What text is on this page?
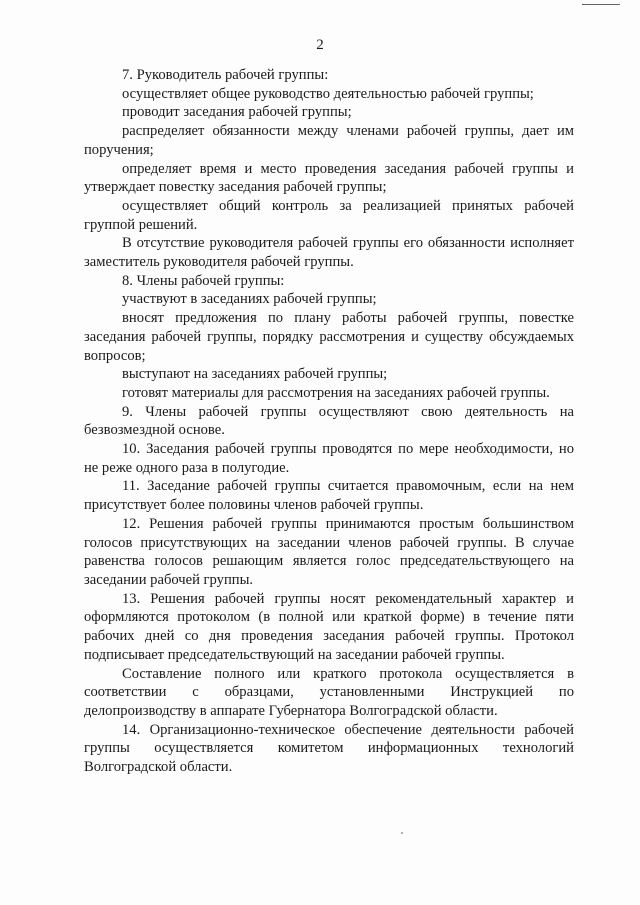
2

7. Руководитель рабочей группы:

осуществляет общее руководство деятельностью рабочей группы;

проводит заседания рабочей группы;

распределяет обязанности между членами рабочей группы, дает им поручения;

определяет время и место проведения заседания рабочей группы и утверждает повестку заседания рабочей группы;

осуществляет общий контроль за реализацией принятых рабочей группой решений.

В отсутствие руководителя рабочей группы его обязанности исполняет заместитель руководителя рабочей группы.

8. Члены рабочей группы:

участвуют в заседаниях рабочей группы;

вносят предложения по плану работы рабочей группы, повестке заседания рабочей группы, порядку рассмотрения и существу обсуждаемых вопросов;

выступают на заседаниях рабочей группы;

готовят материалы для рассмотрения на заседаниях рабочей группы.

9. Члены рабочей группы осуществляют свою деятельность на безвозмездной основе.

10. Заседания рабочей группы проводятся по мере необходимости, но не реже одного раза в полугодие.

11. Заседание рабочей группы считается правомочным, если на нем присутствует более половины членов рабочей группы.

12. Решения рабочей группы принимаются простым большинством голосов присутствующих на заседании членов рабочей группы. В случае равенства голосов решающим является голос председательствующего на заседании рабочей группы.

13. Решения рабочей группы носят рекомендательный характер и оформляются протоколом (в полной или краткой форме) в течение пяти рабочих дней со дня проведения заседания рабочей группы. Протокол подписывает председательствующий на заседании рабочей группы.

Составление полного или краткого протокола осуществляется в соответствии с образцами, установленными Инструкцией по делопроизводству в аппарате Губернатора Волгоградской области.

14. Организационно-техническое обеспечение деятельности рабочей группы осуществляется комитетом информационных технологий Волгоградской области.
